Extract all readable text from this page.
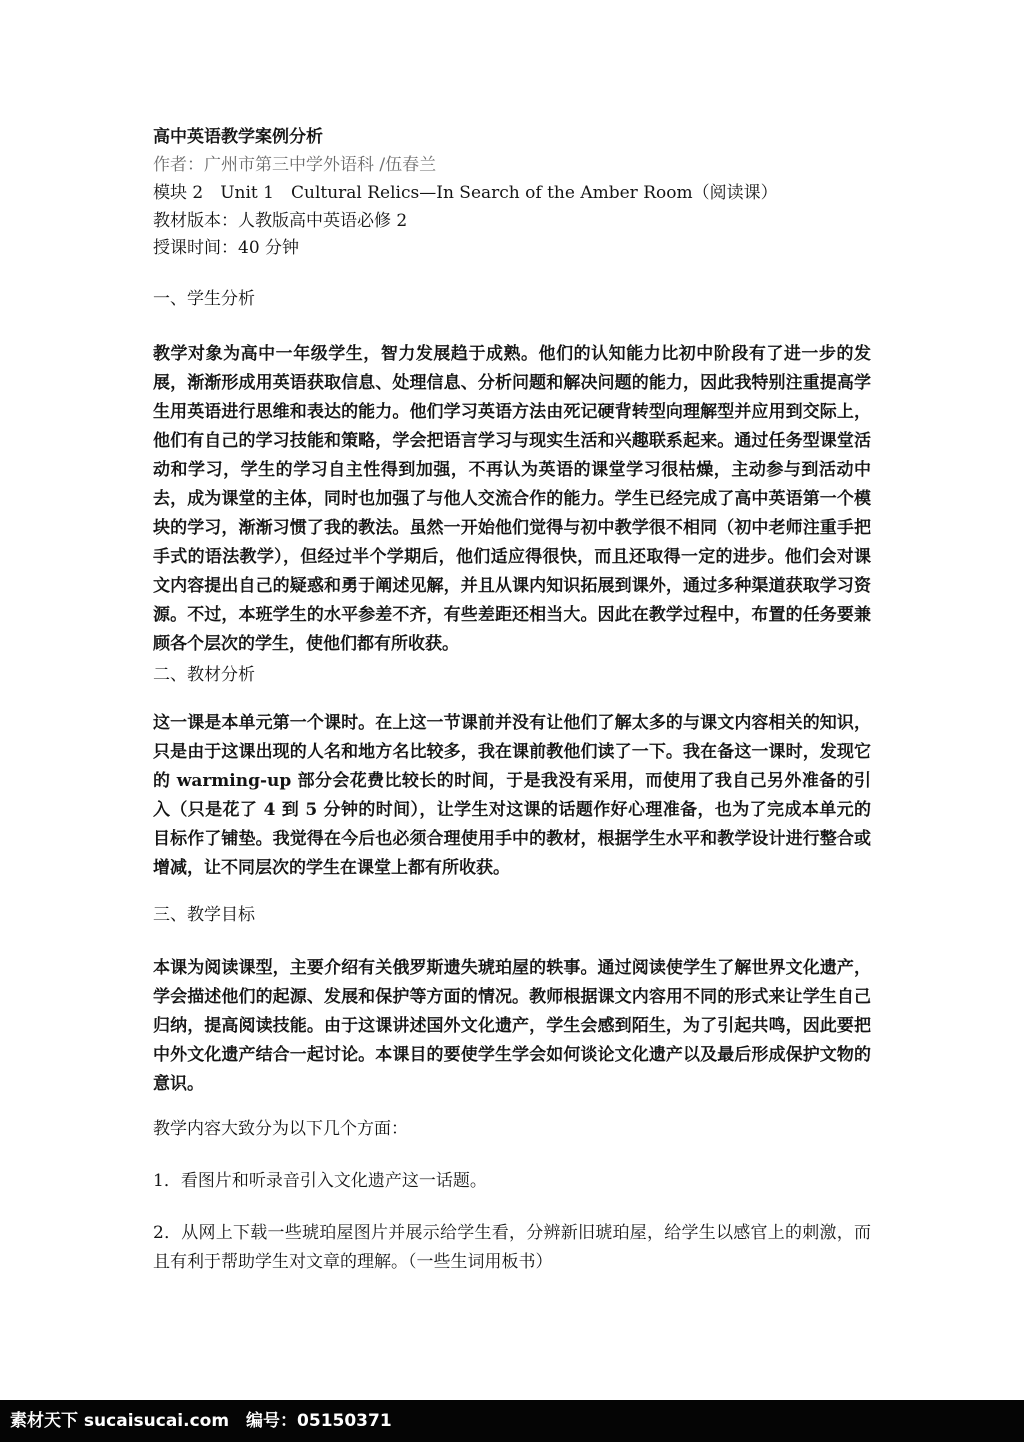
高中英语教学案例分析
作者：广州市第三中学外语科 /伍春兰
模块 2　Unit 1　Cultural Relics—In Search of the Amber Room（阅读课）
教材版本：人教版高中英语必修 2
授课时间：40 分钟
一、学生分析

教学对象为高中一年级学生，智力发展趋于成熟。他们的认知能力比初中阶段有了进一步的发展，渐渐形成用英语获取信息、处理信息、分析问题和解决问题的能力，因此我特别注重提高学生用英语进行思维和表达的能力。他们学习英语方法由死记硬背转型向理解型并应用到交际上，他们有自己的学习技能和策略，学会把语言学习与现实生活和兴趣联系起来。通过任务型课堂活动和学习，学生的学习自主性得到加强，不再认为英语的课堂学习很枯燥，主动参与到活动中去，成为课堂的主体，同时也加强了与他人交流合作的能力。学生已经完成了高中英语第一个模块的学习，渐渐习惯了我的教法。虽然一开始他们觉得与初中教学很不相同（初中老师注重手把手式的语法教学），但经过半个学期后，他们适应得很快，而且还取得一定的进步。他们会对课文内容提出自己的疑惑和勇于阐述见解，并且从课内知识拓展到课外，通过多种渠道获取学习资源。不过，本班学生的水平参差不齐，有些差距还相当大。因此在教学过程中，布置的任务要兼顾各个层次的学生，使他们都有所收获。

二、教材分析

这一课是本单元第一个课时。在上这一节课前并没有让他们了解太多的与课文内容相关的知识，只是由于这课出现的人名和地方名比较多，我在课前教他们读了一下。我在备这一课时，发现它的 warming-up 部分会花费比较长的时间，于是我没有采用，而使用了我自己另外准备的引入（只是花了 4 到 5 分钟的时间），让学生对这课的话题作好心理准备，也为了完成本单元的目标作了铺垫。我觉得在今后也必须合理使用手中的教材，根据学生水平和教学设计进行整合或增减，让不同层次的学生在课堂上都有所收获。

三、教学目标

本课为阅读课型，主要介绍有关俄罗斯遗失琥珀屋的轶事。通过阅读使学生了解世界文化遗产，学会描述他们的起源、发展和保护等方面的情况。教师根据课文内容用不同的形式来让学生自己归纳，提高阅读技能。由于这课讲述国外文化遗产，学生会感到陌生，为了引起共鸣，因此要把中外文化遗产结合一起讨论。本课目的要使学生学会如何谈论文化遗产以及最后形成保护文物的意识。

教学内容大致分为以下几个方面：
1．看图片和听录音引入文化遗产这一话题。

2．从网上下载一些琥珀屋图片并展示给学生看，分辨新旧琥珀屋，给学生以感官上的刺激，而且有利于帮助学生对文章的理解。（一些生词用板书）

素材天下 sucaisucai.com　编号：05150371
